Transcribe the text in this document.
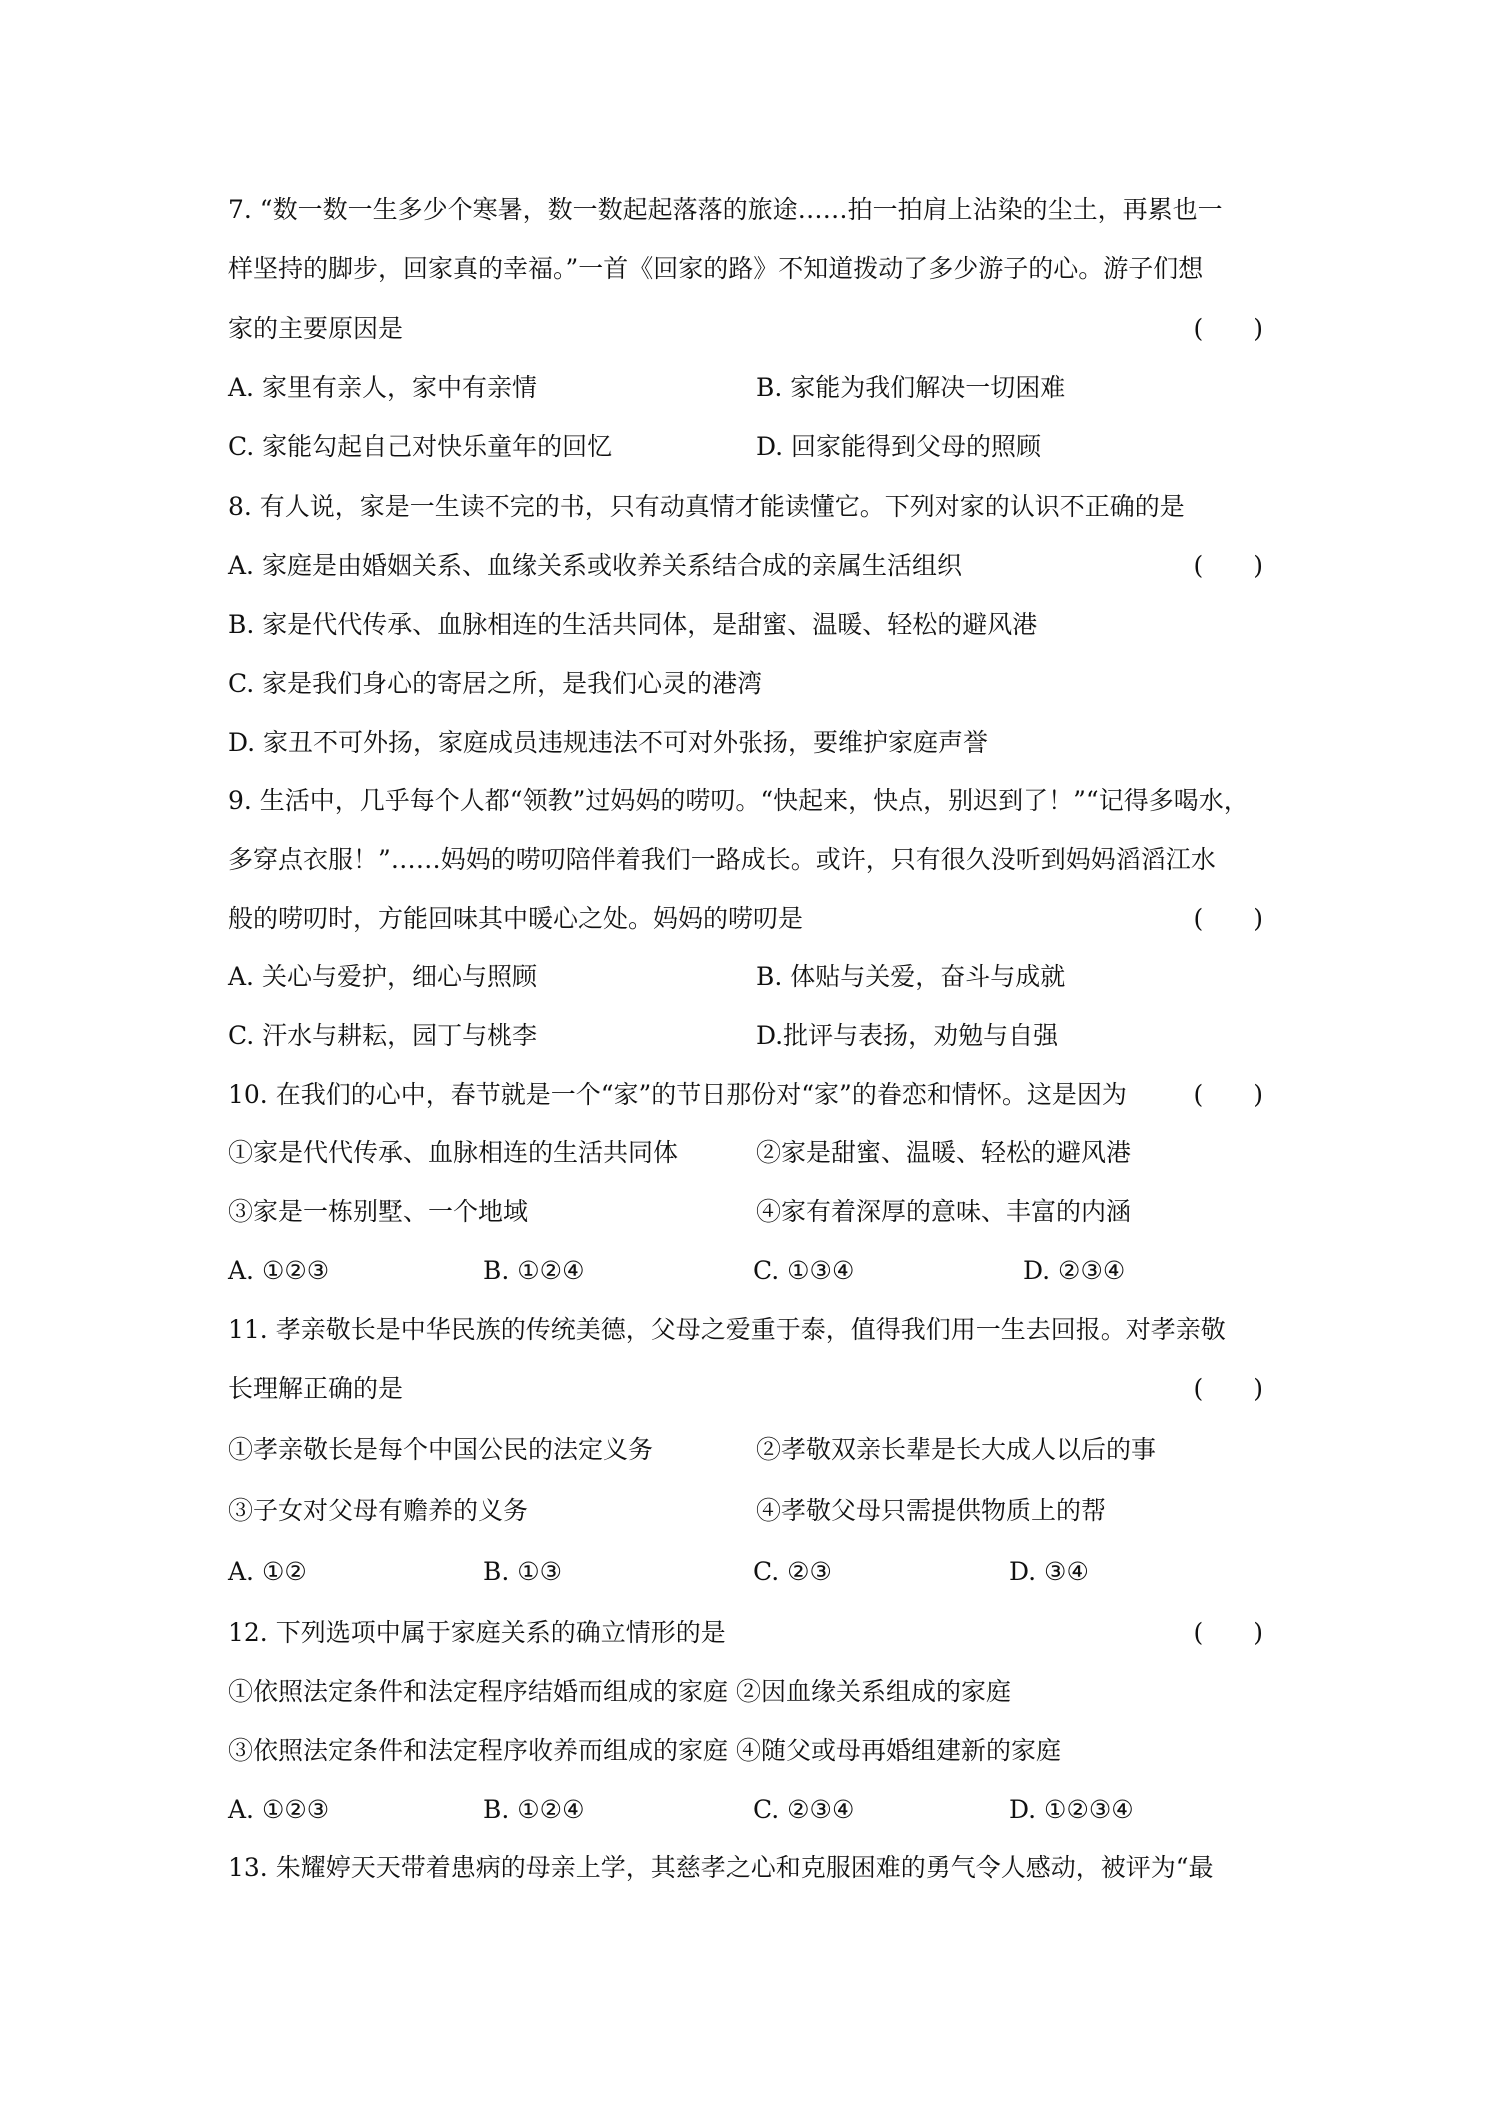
7. “数一数一生多少个寒暑，数一数起起落落的旅途……拍一拍肩上沾染的尘土，再累也一
样坚持的脚步，回家真的幸福。”一首《回家的路》不知道拨动了多少游子的心。游子们想
家的主要原因是	(　　)
A. 家里有亲人，家中有亲情	B. 家能为我们解决一切困难
C. 家能勾起自己对快乐童年的回忆	D. 回家能得到父母的照顾
8. 有人说，家是一生读不完的书，只有动真情才能读懂它。下列对家的认识不正确的是
A. 家庭是由婚姻关系、血缘关系或收养关系结合成的亲属生活组织	(　　)
B. 家是代代传承、血脉相连的生活共同体，是甜蜜、温暖、轻松的避风港
C. 家是我们身心的寄居之所，是我们心灵的港湾
D. 家丑不可外扬，家庭成员违规违法不可对外张扬，要维护家庭声誉
9. 生活中，几乎每个人都“领教”过妈妈的唠叨。“快起来，快点，别迟到了！”“记得多喝水，
多穿点衣服！”……妈妈的唠叨陪伴着我们一路成长。或许，只有很久没听到妈妈滔滔江水
般的唠叨时，方能回味其中暖心之处。妈妈的唠叨是	(　　)
A. 关心与爱护，细心与照顾	B. 体贴与关爱，奋斗与成就
C. 汗水与耕耘，园丁与桃李	D.批评与表扬，劝勉与自强
10. 在我们的心中，春节就是一个“家”的节日那份对“家”的眷恋和情怀。这是因为	(　　)
①家是代代传承、血脉相连的生活共同体	②家是甜蜜、温暖、轻松的避风港
③家是一栋别墅、一个地域	④家有着深厚的意味、丰富的内涵
A. ①②③	B. ①②④	C. ①③④	D. ②③④
11. 孝亲敬长是中华民族的传统美德，父母之爱重于泰，值得我们用一生去回报。对孝亲敬
长理解正确的是	(　　)
①孝亲敬长是每个中国公民的法定义务	②孝敬双亲长辈是长大成人以后的事
③子女对父母有赡养的义务	④孝敬父母只需提供物质上的帮
A. ①②	B. ①③	C. ②③	D. ③④
12. 下列选项中属于家庭关系的确立情形的是	(　　)
①依照法定条件和法定程序结婚而组成的家庭 ②因血缘关系组成的家庭
③依照法定条件和法定程序收养而组成的家庭 ④随父或母再婚组建新的家庭
A. ①②③	B. ①②④	C. ②③④	D. ①②③④
13. 朱耀婷天天带着患病的母亲上学，其慈孝之心和克服困难的勇气令人感动，被评为“最
